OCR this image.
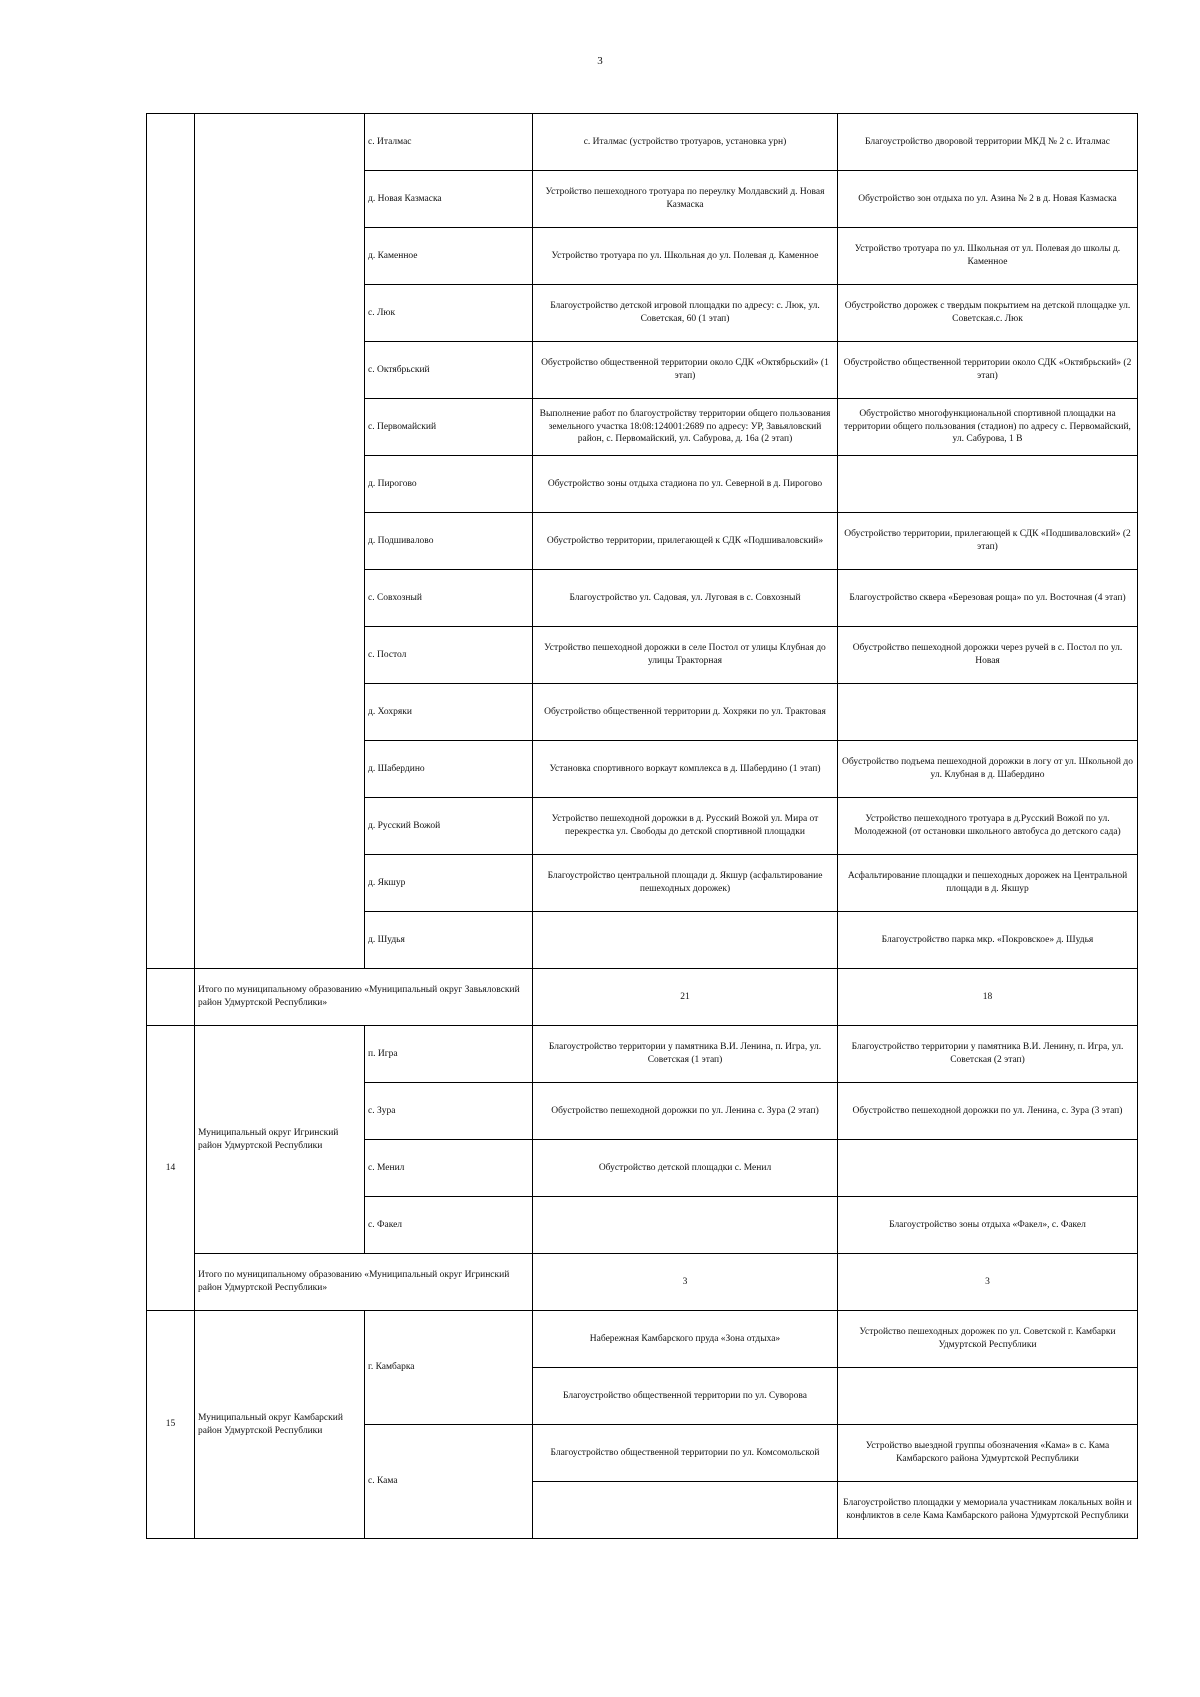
3
		с. Италмас	с. Италмас (устройство тротуаров, установка урн)	Благоустройство дворовой территории МКД № 2 с. Италмас
		д. Новая Казмаска	Устройство пешеходного тротуара по переулку Молдавский д. Новая Казмаска	Обустройство зон отдыха по ул. Азина № 2 в д. Новая Казмаска
		д. Каменное	Устройство тротуара по ул. Школьная до ул. Полевая д. Каменное	Устройство тротуара по ул. Школьная от ул. Полевая до школы д. Каменное
		с. Люк	Благоустройство детской игровой площадки по адресу: с. Люк, ул. Советская, 60 (1 этап)	Обустройство дорожек с твердым покрытием на детской площадке ул. Советская.с. Люк
		с. Октябрьский	Обустройство общественной территории около СДК «Октябрьский» (1 этап)	Обустройство общественной территории около СДК «Октябрьский» (2 этап)
		с. Первомайский	Выполнение работ по благоустройству территории общего пользования земельного участка 18:08:124001:2689 по адресу: УР, Завьяловский район, с. Первомайский, ул. Сабурова, д. 16а (2 этап)	Обустройство многофункциональной спортивной площадки на территории общего пользования (стадион) по адресу с. Первомайский, ул. Сабурова, 1 В
		д. Пирогово	Обустройство зоны отдыха стадиона по ул. Северной в д. Пирогово	
		д. Подшивалово	Обустройство территории, прилегающей к СДК «Подшиваловский»	Обустройство территории, прилегающей к СДК «Подшиваловский» (2 этап)
		с. Совхозный	Благоустройство ул. Садовая, ул. Луговая в с. Совхозный	Благоустройство сквера «Березовая роща» по ул. Восточная (4 этап)
		с. Постол	Устройство пешеходной дорожки в селе Постол от улицы Клубная до улицы Тракторная	Обустройство пешеходной дорожки через ручей в с. Постол по ул. Новая
		д. Хохряки	Обустройство общественной территории д. Хохряки по ул. Трактовая	
		д. Шабердино	Установка спортивного воркаут комплекса в д. Шабердино (1 этап)	Обустройство подъема пешеходной дорожки в логу от ул. Школьной до ул. Клубная в д. Шабердино
		д. Русский Вожой	Устройство пешеходной дорожки в д. Русский Вожой ул. Мира от перекрестка ул. Свободы до детской спортивной площадки	Устройство пешеходного тротуара в д.Русский Вожой по ул. Молодежной (от остановки школьного автобуса до детского сада)
		д. Якшур	Благоустройство центральной площади д. Якшур (асфальтирование пешеходных дорожек)	Асфальтирование площадки и пешеходных дорожек на Центральной площади в д. Якшур
		д. Шудья		Благоустройство парка мкр. «Покровское» д. Шудья
	Итого по муниципальному образованию «Муниципальный округ Завьяловский район Удмуртской Республики»		21	18
14	Муниципальный округ Игринский район Удмуртской Республики	п. Игра	Благоустройство территории у памятника В.И. Ленина, п. Игра, ул. Советская (1 этап)	Благоустройство территории у памятника В.И. Ленину, п. Игра, ул. Советская (2 этап)
		с. Зура	Обустройство пешеходной дорожки по ул. Ленина с. Зура (2 этап)	Обустройство пешеходной дорожки по ул. Ленина, с. Зура (3 этап)
		с. Менил	Обустройство детской площадки с. Менил	
		с. Факел		Благоустройство зоны отдыха «Факел», с. Факел
	Итого по муниципальному образованию «Муниципальный округ Игринский район Удмуртской Республики»		3	3
15	Муниципальный округ Камбарский район Удмуртской Республики	г. Камбарка	Набережная Камбарского пруда «Зона отдыха»	Устройство пешеходных дорожек по ул. Советской г. Камбарки Удмуртской Республики
			Благоустройство общественной территории по ул. Суворова	
		с. Кама	Благоустройство общественной территории по ул. Комсомольской	Устройство выездной группы обозначения «Кама» в с. Кама Камбарского района Удмуртской Республики
				Благоустройство площадки у мемориала участникам локальных войн и конфликтов в селе Кама Камбарского района Удмуртской Республики
